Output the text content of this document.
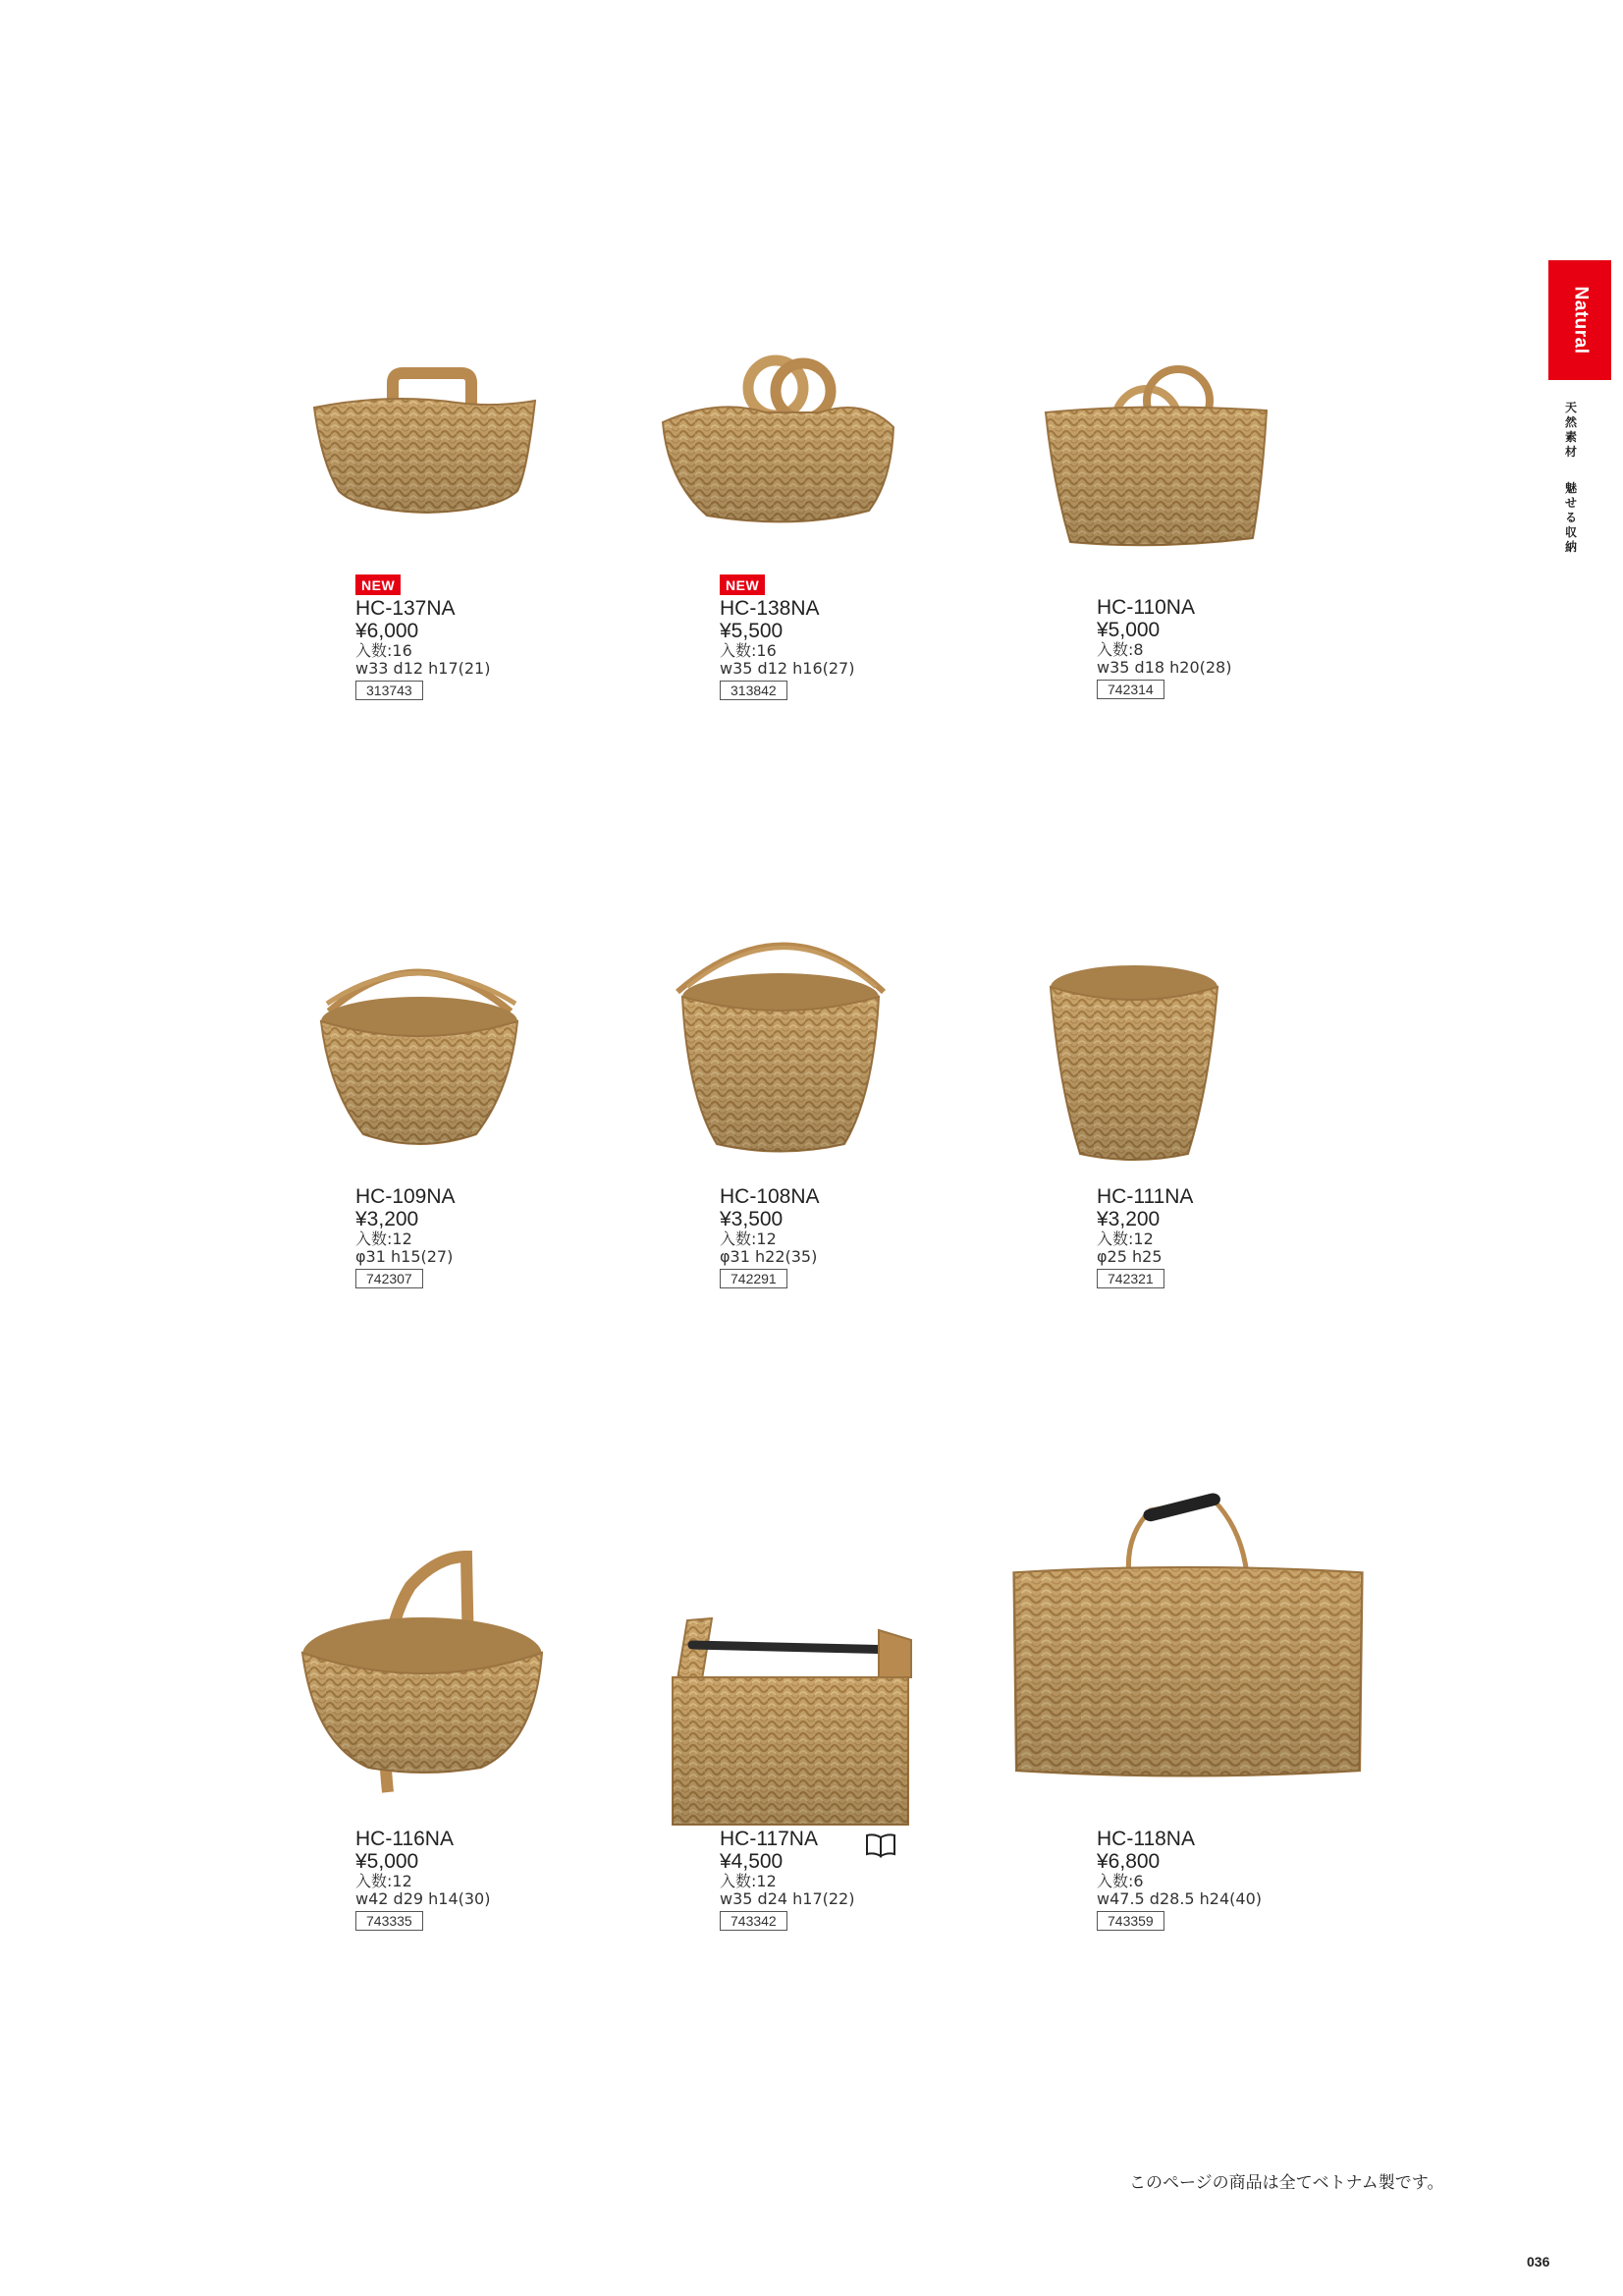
Natural
天然素材
魅せる収納
NEW
HC-137NA
¥6,000
入数:16
w33 d12 h17(21)
313743
NEW
HC-138NA
¥5,500
入数:16
w35 d12 h16(27)
313842
HC-110NA
¥5,000
入数:8
w35 d18 h20(28)
742314
HC-109NA
¥3,200
入数:12
φ31 h15(27)
742307
HC-108NA
¥3,500
入数:12
φ31 h22(35)
742291
HC-111NA
¥3,200
入数:12
φ25 h25
742321
HC-116NA
¥5,000
入数:12
w42 d29 h14(30)
743335
HC-117NA
¥4,500
入数:12
w35 d24 h17(22)
743342
HC-118NA
¥6,800
入数:6
w47.5 d28.5 h24(40)
743359
このページの商品は全てベトナム製です。
036
